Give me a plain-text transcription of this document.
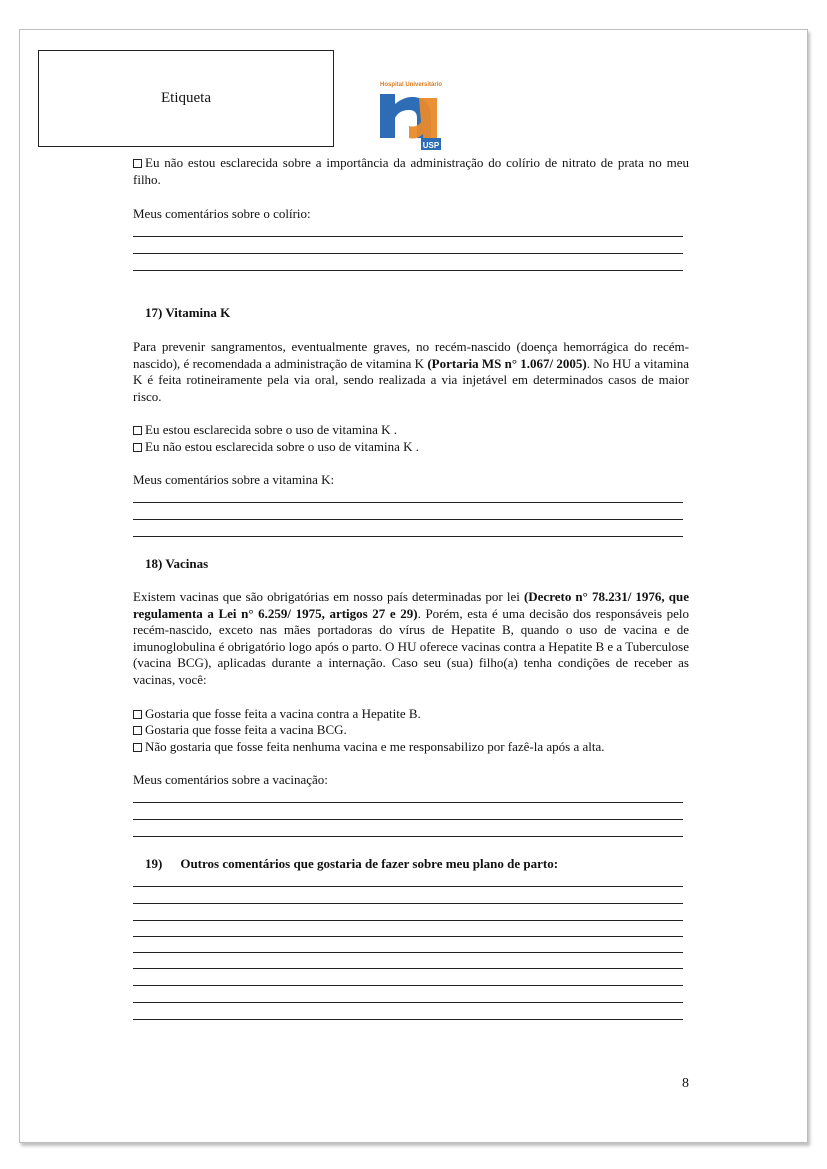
Etiqueta
Hospital Universitário
USP

Eu não estou esclarecida sobre a importância da administração do colírio de nitrato de prata no meu filho.

Meus comentários sobre o colírio:
17) Vitamina K

Para prevenir sangramentos, eventualmente graves, no recém-nascido (doença hemorrágica do recém-nascido), é recomendada a administração de vitamina K (Portaria MS n° 1.067/ 2005). No HU a vitamina K é feita rotineiramente pela via oral, sendo realizada a via injetável em determinados casos de maior risco.

Eu estou esclarecida sobre o uso de vitamina K .
Eu não estou esclarecida sobre o uso de vitamina K .
Meus comentários sobre a vitamina K:
18) Vacinas

Existem vacinas que são obrigatórias em nosso país determinadas por lei (Decreto n° 78.231/ 1976, que regulamenta a Lei n° 6.259/ 1975, artigos 27 e 29). Porém, esta é uma decisão dos responsáveis pelo recém-nascido, exceto nas mães portadoras do vírus de Hepatite B, quando o uso de vacina e de imunoglobulina é obrigatório logo após o parto. O HU oferece vacinas contra a Hepatite B e a Tuberculose (vacina BCG), aplicadas durante a internação. Caso seu (sua) filho(a) tenha condições de receber as vacinas, você:

Gostaria que fosse feita a vacina contra a Hepatite B.
Gostaria que fosse feita a vacina BCG.
Não gostaria que fosse feita nenhuma vacina e me responsabilizo por fazê-la após a alta.
Meus comentários sobre a vacinação:
19) Outros comentários que gostaria de fazer sobre meu plano de parto:
8
